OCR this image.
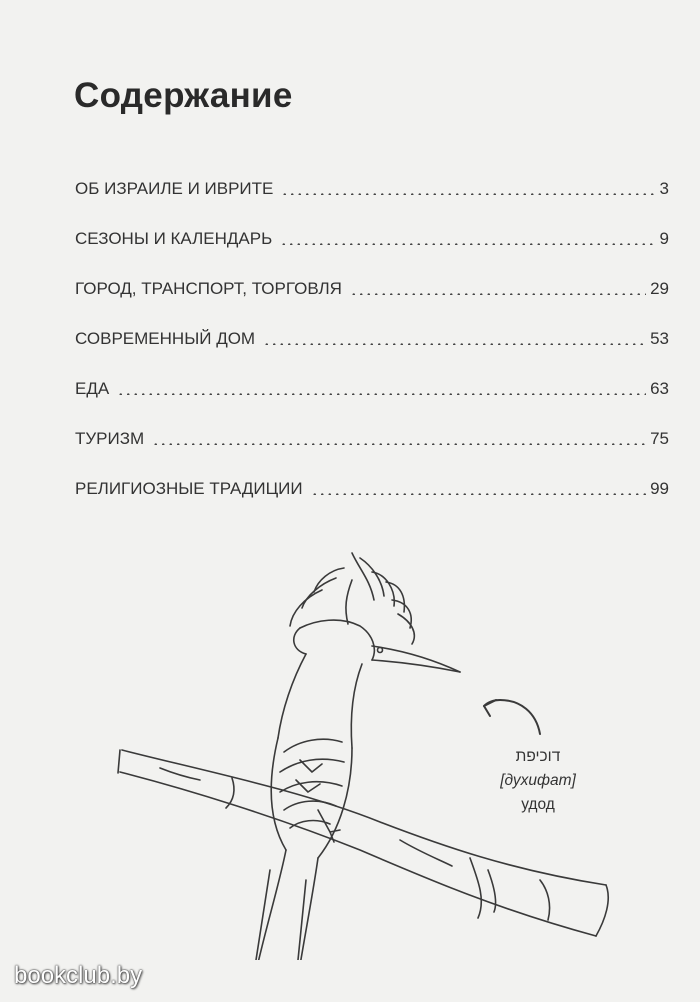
Содержание
ОБ ИЗРАИЛЕ И ИВРИТЕ	3
СЕЗОНЫ И КАЛЕНДАРЬ	9
ГОРОД, ТРАНСПОРТ, ТОРГОВЛЯ	29
СОВРЕМЕННЫЙ ДОМ	53
ЕДА	63
ТУРИЗМ	75
РЕЛИГИОЗНЫЕ ТРАДИЦИИ	99
דוכיפת
[духифат]
удод
bookclub.by
